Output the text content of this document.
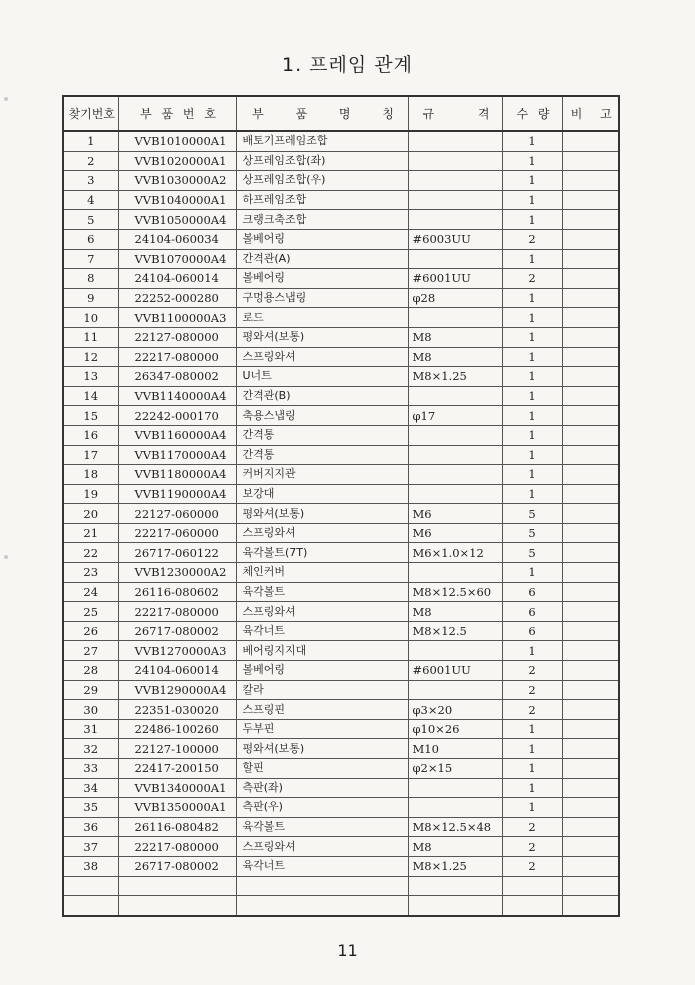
1. 프레임 관계
찾기번호	부 품 번 호	부 품 명 칭	규 격	수 량	비 고
1	VVB1010000A1	배토기프레임조합		1	
2	VVB1020000A1	상프레임조합(좌)		1	
3	VVB1030000A2	상프레임조합(우)		1	
4	VVB1040000A1	하프레임조합		1	
5	VVB1050000A4	크랭크축조합		1	
6	24104-060034	볼베어링	#6003UU	2	
7	VVB1070000A4	간격관(A)		1	
8	24104-060014	볼베어링	#6001UU	2	
9	22252-000280	구멍용스냅링	φ28	1	
10	VVB1100000A3	로드		1	
11	22127-080000	평와셔(보통)	M8	1	
12	22217-080000	스프링와셔	M8	1	
13	26347-080002	U너트	M8×1.25	1	
14	VVB1140000A4	간격관(B)		1	
15	22242-000170	축용스냅링	φ17	1	
16	VVB1160000A4	간격통		1	
17	VVB1170000A4	간격통		1	
18	VVB1180000A4	커버지지관		1	
19	VVB1190000A4	보강대		1	
20	22127-060000	평와셔(보통)	M6	5	
21	22217-060000	스프링와셔	M6	5	
22	26717-060122	육각볼트(7T)	M6×1.0×12	5	
23	VVB1230000A2	체인커버		1	
24	26116-080602	육각볼트	M8×12.5×60	6	
25	22217-080000	스프링와셔	M8	6	
26	26717-080002	육각너트	M8×12.5	6	
27	VVB1270000A3	베어링지지대		1	
28	24104-060014	볼베어링	#6001UU	2	
29	VVB1290000A4	칼라		2	
30	22351-030020	스프링핀	φ3×20	2	
31	22486-100260	두부핀	φ10×26	1	
32	22127-100000	평와셔(보통)	M10	1	
33	22417-200150	할핀	φ2×15	1	
34	VVB1340000A1	측판(좌)		1	
35	VVB1350000A1	측판(우)		1	
36	26116-080482	육각볼트	M8×12.5×48	2	
37	22217-080000	스프링와셔	M8	2	
38	26717-080002	육각너트	M8×1.25	2	

11
